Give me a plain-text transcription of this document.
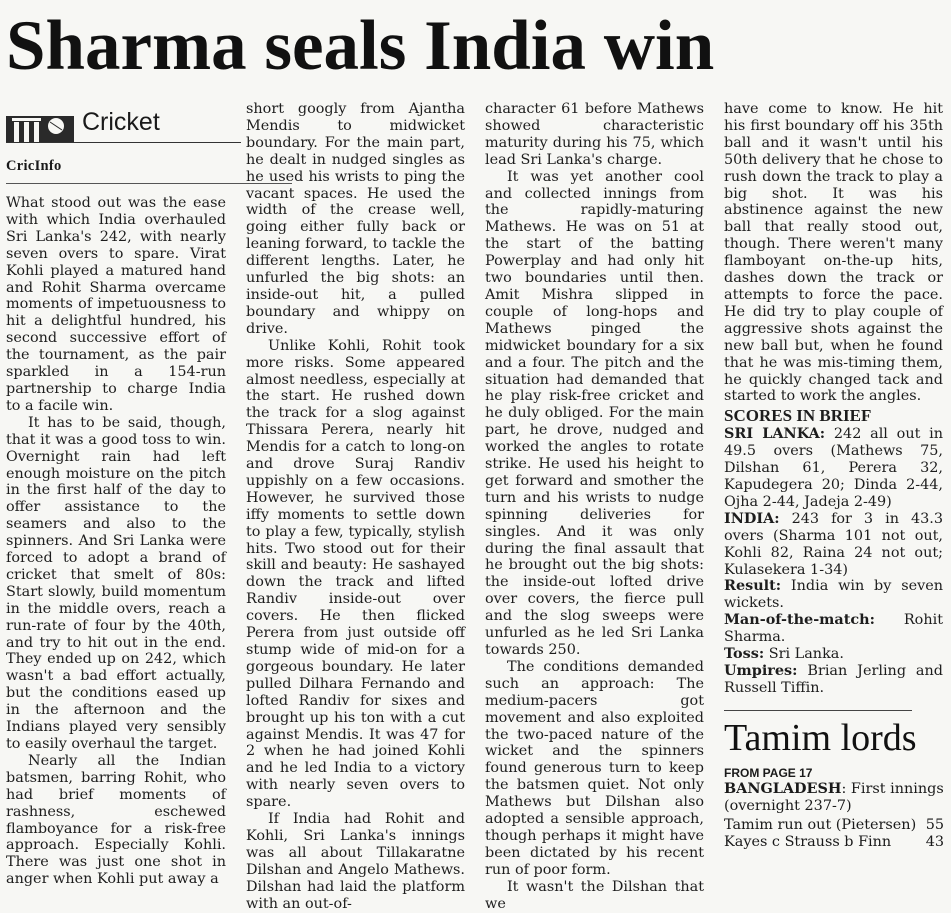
Sharma seals India win
Cricket
CricInfo

What stood out was the ease with which India overhauled Sri Lanka's 242, with nearly seven overs to spare. Virat Kohli played a matured hand and Rohit Sharma overcame moments of impetuousness to hit a delightful hundred, his second successive effort of the tournament, as the pair sparkled in a 154-run partnership to charge India to a facile win.

It has to be said, though, that it was a good toss to win. Overnight rain had left enough moisture on the pitch in the first half of the day to offer assistance to the seamers and also to the spinners. And Sri Lanka were forced to adopt a brand of cricket that smelt of 80s: Start slowly, build momentum in the middle overs, reach a run-rate of four by the 40th, and try to hit out in the end. They ended up on 242, which wasn't a bad effort actually, but the conditions eased up in the afternoon and the Indians played very sensibly to easily overhaul the target.

Nearly all the Indian batsmen, barring Rohit, who had brief moments of rashness, eschewed flamboyance for a risk-free approach. Especially Kohli. There was just one shot in anger when Kohli put away a

short googly from Ajantha Mendis to midwicket boundary. For the main part, he dealt in nudged singles as he used his wrists to ping the vacant spaces. He used the width of the crease well, going either fully back or leaning forward, to tackle the different lengths. Later, he unfurled the big shots: an inside-out hit, a pulled boundary and whippy on drive.

Unlike Kohli, Rohit took more risks. Some appeared almost needless, especially at the start. He rushed down the track for a slog against Thissara Perera, nearly hit Mendis for a catch to long-on and drove Suraj Randiv uppishly on a few occasions. However, he survived those iffy moments to settle down to play a few, typically, stylish hits. Two stood out for their skill and beauty: He sashayed down the track and lifted Randiv inside-out over covers. He then flicked Perera from just outside off stump wide of mid-on for a gorgeous boundary. He later pulled Dilhara Fernando and lofted Randiv for sixes and brought up his ton with a cut against Mendis. It was 47 for 2 when he had joined Kohli and he led India to a victory with nearly seven overs to spare.

If India had Rohit and Kohli, Sri Lanka's innings was all about Tillakaratne Dilshan and Angelo Mathews. Dilshan had laid the platform with an out-of-

character 61 before Mathews showed characteristic maturity during his 75, which lead Sri Lanka's charge.

It was yet another cool and collected innings from the rapidly-maturing Mathews. He was on 51 at the start of the batting Powerplay and had only hit two boundaries until then. Amit Mishra slipped in couple of long-hops and Mathews pinged the midwicket boundary for a six and a four. The pitch and the situation had demanded that he play risk-free cricket and he duly obliged. For the main part, he drove, nudged and worked the angles to rotate strike. He used his height to get forward and smother the turn and his wrists to nudge spinning deliveries for singles. And it was only during the final assault that he brought out the big shots: the inside-out lofted drive over covers, the fierce pull and the slog sweeps were unfurled as he led Sri Lanka towards 250.

The conditions demanded such an approach: The medium-pacers got movement and also exploited the two-paced nature of the wicket and the spinners found generous turn to keep the batsmen quiet. Not only Mathews but Dilshan also adopted a sensible approach, though perhaps it might have been dictated by his recent run of poor form.

It wasn't the Dilshan that we

have come to know. He hit his first boundary off his 35th ball and it wasn't until his 50th delivery that he chose to rush down the track to play a big shot. It was his abstinence against the new ball that really stood out, though. There weren't many flamboyant on-the-up hits, dashes down the track or attempts to force the pace. He did try to play couple of aggressive shots against the new ball but, when he found that he was mis-timing them, he quickly changed tack and started to work the angles.

SCORES IN BRIEF

SRI LANKA: 242 all out in 49.5 overs (Mathews 75, Dilshan 61, Perera 32, Kapudegera 20; Dinda 2-44, Ojha 2-44, Jadeja 2-49)

INDIA: 243 for 3 in 43.3 overs (Sharma 101 not out, Kohli 82, Raina 24 not out; Kulasekera 1-34)

Result: India win by seven wickets.

Man-of-the-match: Rohit Sharma.

Toss: Sri Lanka.

Umpires: Brian Jerling and Russell Tiffin.

Tamim lords
FROM PAGE 17
BANGLADESH: First innings (overnight 237-7)
Tamim run out (Pietersen) 55
Kayes c Strauss b Finn 43
